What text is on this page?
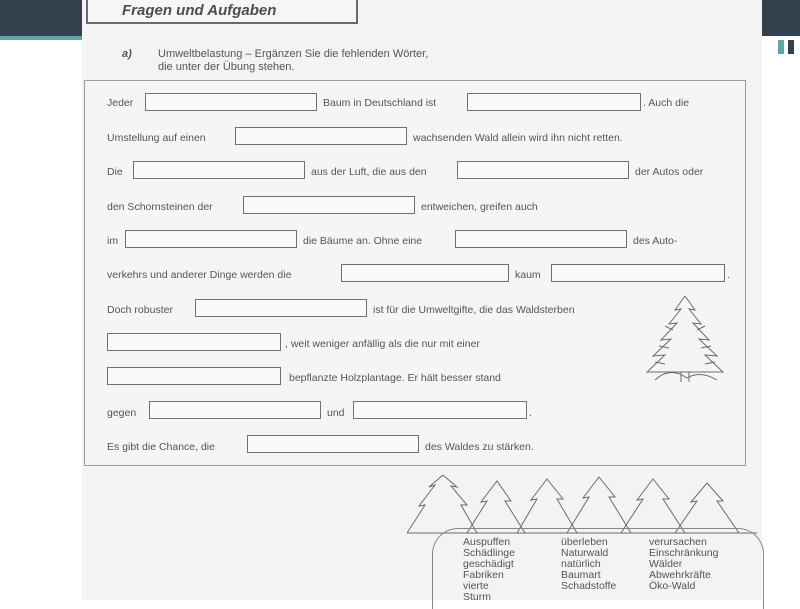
Fragen und Aufgaben
a) Umweltbelastung – Ergänzen Sie die fehlenden Wörter,
die unter der Übung stehen.
Jeder	Baum in Deutschland ist	. Auch die
Umstellung auf einen	wachsenden Wald allein wird ihn nicht retten.
Die	aus der Luft, die aus den	der Autos oder
den Schornsteinen der	entweichen, greifen auch
im	die Bäume an. Ohne eine	des Auto-
verkehrs und anderer Dinge werden die	kaum	.
Doch robuster	ist für die Umweltgifte, die das Waldsterben
, weit weniger anfällig als die nur mit einer
bepflanzte Holzplantage. Er hält besser stand
gegen	und	.
Es gibt die Chance, die	des Waldes zu stärken.
Auspuffen
Schädlinge
geschädigt
Fabriken
vierte
Sturm
überleben
Naturwald
natürlich
Baumart
Schadstoffe
verursachen
Einschränkung
Wälder
Abwehrkräfte
Öko-Wald
